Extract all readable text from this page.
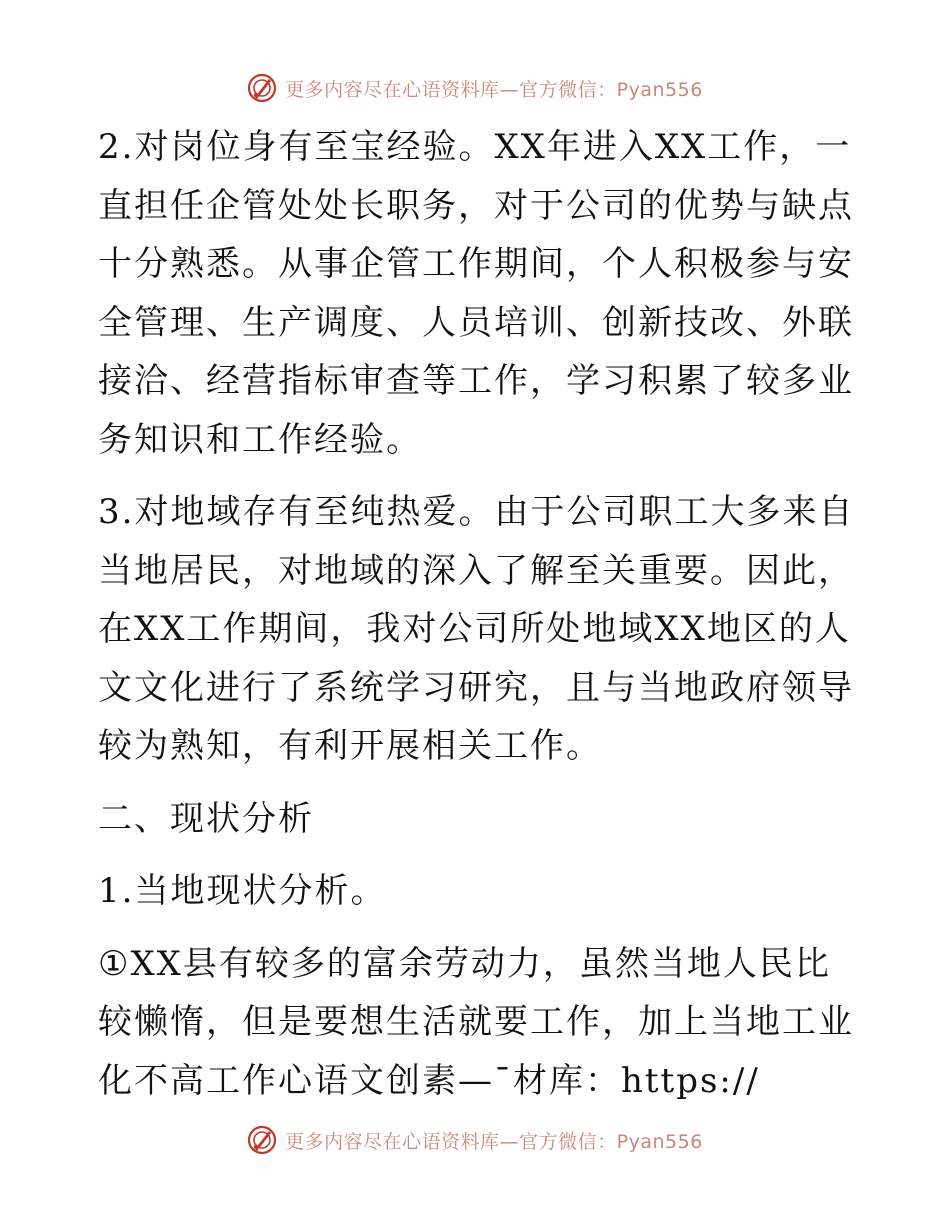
更多内容尽在心语资料库—官方微信：Pyan556

2.对岗位身有至宝经验。XX年进入XX工作，一直担任企管处处长职务，对于公司的优势与缺点十分熟悉。从事企管工作期间，个人积极参与安全管理、生产调度、人员培训、创新技改、外联接洽、经营指标审查等工作，学习积累了较多业务知识和工作经验。

3.对地域存有至纯热爱。由于公司职工大多来自当地居民，对地域的深入了解至关重要。因此，在XX工作期间，我对公司所处地域XX地区的人文文化进行了系统学习研究，且与当地政府领导较为熟知，有利开展相关工作。

二、现状分析

1.当地现状分析。

①XX县有较多的富余劳动力，虽然当地人民比较懒惰，但是要想生活就要工作，加上当地工业化不高工作心语文创素—¯材库：https://

更多内容尽在心语资料库—官方微信：Pyan556
